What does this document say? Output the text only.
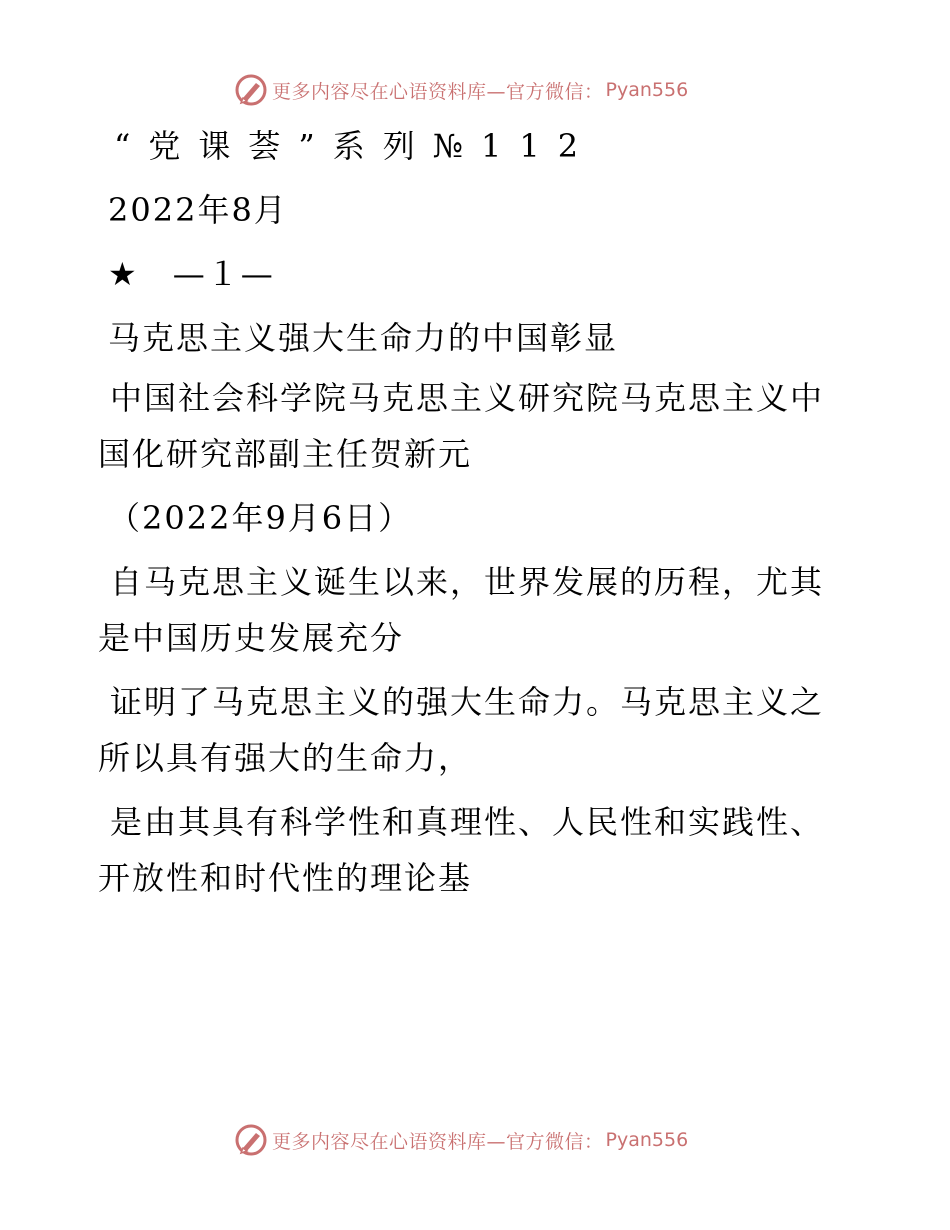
更多内容尽在心语资料库—官方微信： Pyan556
“党课荟”系列№112
2022年8月
★　—１—
马克思主义强大生命力的中国彰显
中国社会科学院马克思主义研究院马克思主义中国化研究部副主任贺新元
（2022年9月6日）
自马克思主义诞生以来，世界发展的历程，尤其是中国历史发展充分
证明了马克思主义的强大生命力。马克思主义之所以具有强大的生命力，
是由其具有科学性和真理性、人民性和实践性、开放性和时代性的理论基
更多内容尽在心语资料库—官方微信： Pyan556
